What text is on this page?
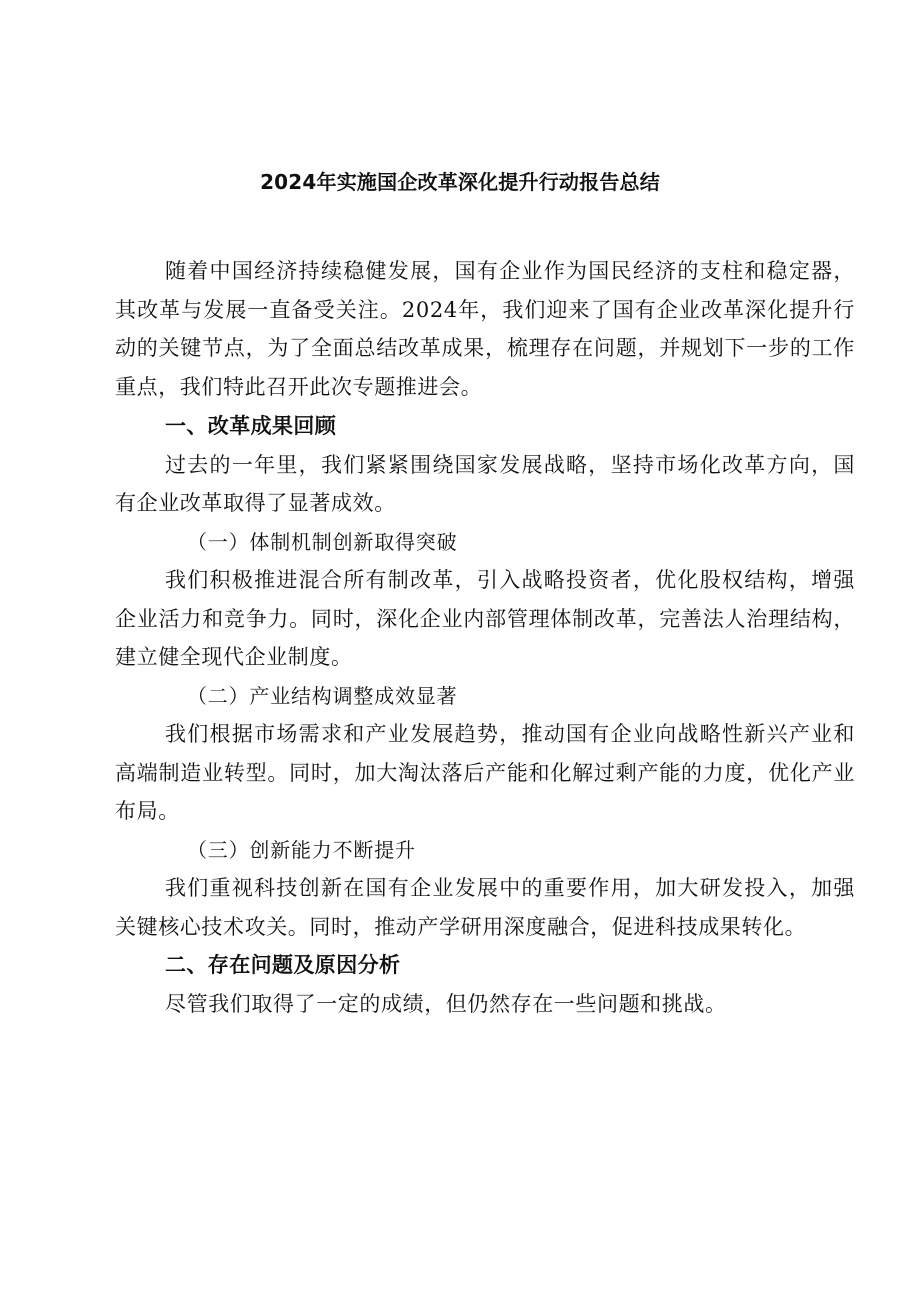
2024年实施国企改革深化提升行动报告总结

随着中国经济持续稳健发展，国有企业作为国民经济的支柱和稳定器，其改革与发展一直备受关注。2024年，我们迎来了国有企业改革深化提升行动的关键节点，为了全面总结改革成果，梳理存在问题，并规划下一步的工作重点，我们特此召开此次专题推进会。

一、改革成果回顾

过去的一年里，我们紧紧围绕国家发展战略，坚持市场化改革方向，国有企业改革取得了显著成效。

（一）体制机制创新取得突破

我们积极推进混合所有制改革，引入战略投资者，优化股权结构，增强企业活力和竞争力。同时，深化企业内部管理体制改革，完善法人治理结构，建立健全现代企业制度。

（二）产业结构调整成效显著

我们根据市场需求和产业发展趋势，推动国有企业向战略性新兴产业和高端制造业转型。同时，加大淘汰落后产能和化解过剩产能的力度，优化产业布局。

（三）创新能力不断提升

我们重视科技创新在国有企业发展中的重要作用，加大研发投入，加强关键核心技术攻关。同时，推动产学研用深度融合，促进科技成果转化。

二、存在问题及原因分析

尽管我们取得了一定的成绩，但仍然存在一些问题和挑战。
